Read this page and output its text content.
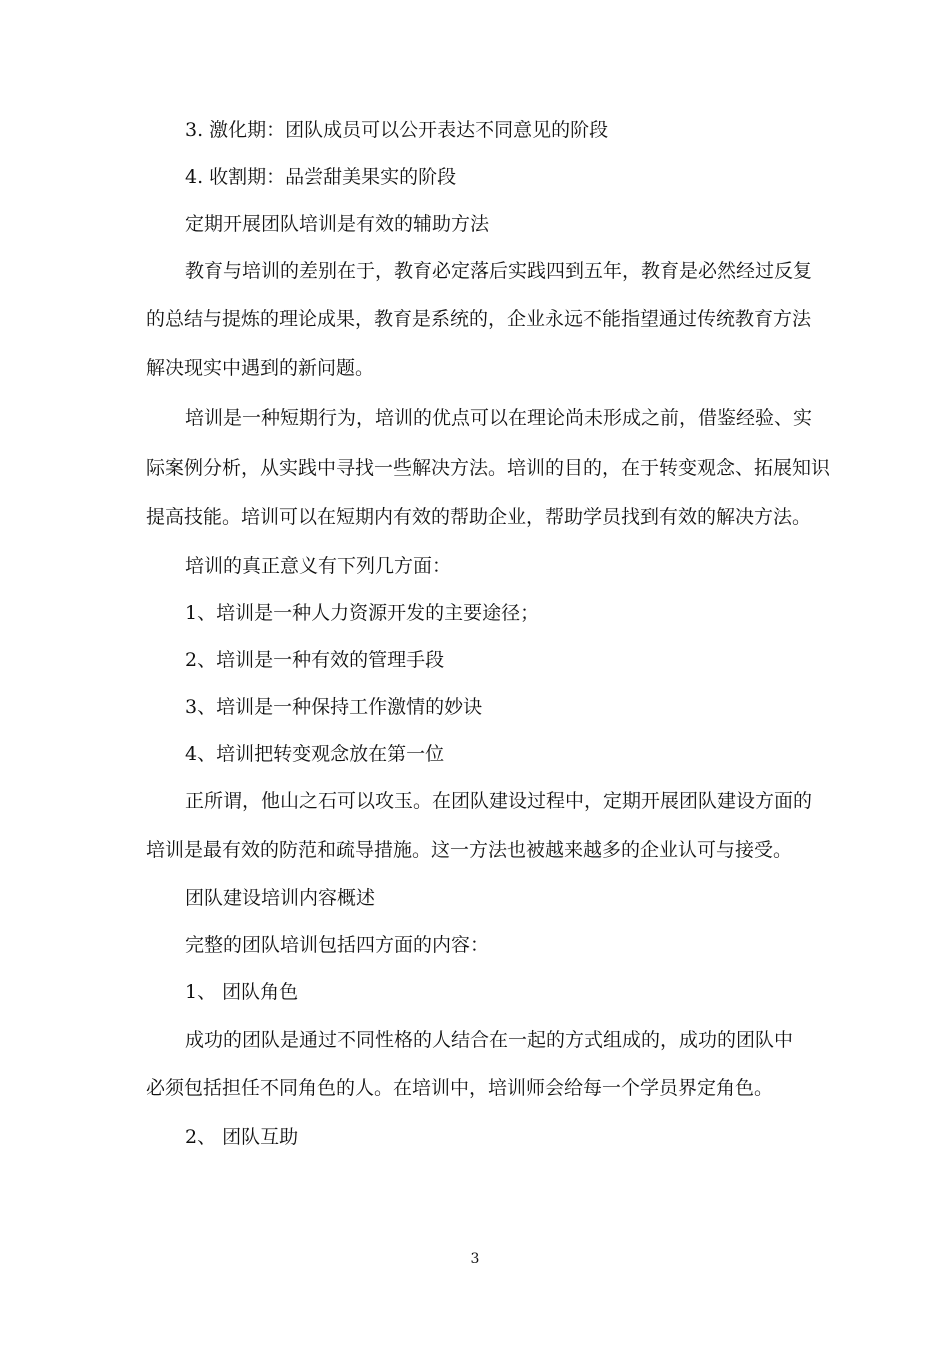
3. 激化期：团队成员可以公开表达不同意见的阶段
4. 收割期：品尝甜美果实的阶段
定期开展团队培训是有效的辅助方法
教育与培训的差别在于，教育必定落后实践四到五年，教育是必然经过反复
的总结与提炼的理论成果，教育是系统的，企业永远不能指望通过传统教育方法
解决现实中遇到的新问题。
培训是一种短期行为，培训的优点可以在理论尚未形成之前，借鉴经验、实
际案例分析，从实践中寻找一些解决方法。培训的目的，在于转变观念、拓展知识
提高技能。培训可以在短期内有效的帮助企业，帮助学员找到有效的解决方法。
培训的真正意义有下列几方面：
1、培训是一种人力资源开发的主要途径；
2、培训是一种有效的管理手段
3、培训是一种保持工作激情的妙诀
4、培训把转变观念放在第一位
正所谓，他山之石可以攻玉。在团队建设过程中，定期开展团队建设方面的
培训是最有效的防范和疏导措施。这一方法也被越来越多的企业认可与接受。
团队建设培训内容概述
完整的团队培训包括四方面的内容：
1、 团队角色
成功的团队是通过不同性格的人结合在一起的方式组成的，成功的团队中
必须包括担任不同角色的人。在培训中，培训师会给每一个学员界定角色。
2、 团队互助
3
